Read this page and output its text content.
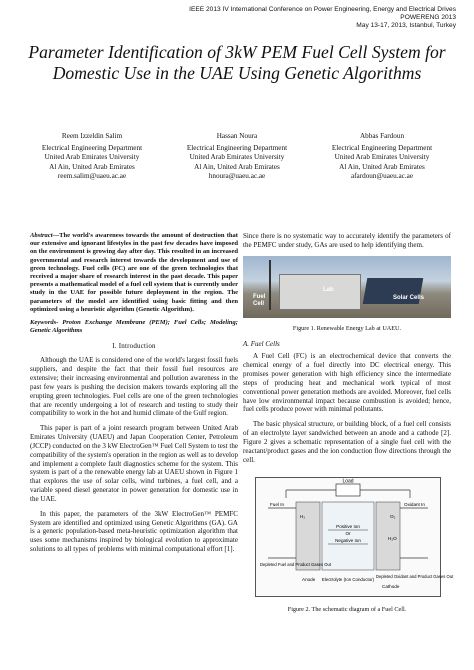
IEEE 2013 IV International Conference on Power Engineering, Energy and Electrical Drives
POWERENG 2013
May 13-17, 2013, Istanbul, Turkey
Parameter Identification of 3kW PEM Fuel Cell System for Domestic Use in the UAE Using Genetic Algorithms
Reem Izzeldin Salim
Electrical Engineering Department
United Arab Emirates University
Al Ain, United Arab Emirates
reem.salim@uaeu.ac.ae
Hassan Noura
Electrical Engineering Department
United Arab Emirates University
Al Ain, United Arab Emirates
hnoura@uaeu.ac.ae
Abbas Fardoun
Electrical Engineering Department
United Arab Emirates University
Al Ain, United Arab Emirates
afardoun@uaeu.ac.ae
Abstract—The world's awareness towards the amount of destruction that our extensive and ignorant lifestyles in the past few decades have imposed on the environment is growing day after day. This resulted in an increased governmental and research interest towards the development and use of green technology. Fuel cells (FC) are one of the green technologies that received a major share of research interest in the past decade. This paper presents a mathematical model of a fuel cell system that is currently under study in the UAE for possible future deployment in the region. The parameters of the model are identified using basic fitting and then optimized using a heuristic algorithm (Genetic Algorithm).
Keywords- Proton Exchange Membrane (PEM); Fuel Cells; Modeling; Genetic Algorithms
I. Introduction

Although the UAE is considered one of the world's largest fossil fuels suppliers, and despite the fact that their fossil fuel resources are extensive; their increasing environmental and pollution awareness in the past few years is pushing the decision makers towards exploring all the erupting green technologies. Fuel cells are one of the green technologies that are recently undergoing a lot of research and testing to study their compatibility to work in the hot and humid climate of the Gulf region.

This paper is part of a joint research program between United Arab Emirates University (UAEU) and Japan Cooperation Center, Petroleum (JCCP) conducted on the 3 kW ElectroGen™ Fuel Cell System to test the compatibility of the system's operation in the region as well as to develop and implement a complete fault diagnostics scheme for the system. This system is part of a the renewable energy lab at UAEU shown in Figure 1 that explores the use of solar cells, wind turbines, a fuel cell, and a variable speed diesel generator in power generation for domestic use in the UAE.

In this paper, the parameters of the 3kW ElectroGen™ PEMFC System are identified and optimized using Genetic Algorithms (GA). GA is a generic population-based meta-heuristic optimization algorithm that uses some mechanisms inspired by biological evolution to approximate solutions to all types of problems with minimal computational effort [1].

Since there is no systematic way to accurately identify the parameters of the PEMFC under study, GAs are used to help identifying them.

Lab
Fuel Cell
Solar Cells
Figure 1. Renewable Energy Lab at UAEU.
A. Fuel Cells

A Fuel Cell (FC) is an electrochemical device that converts the chemical energy of a fuel directly into DC electrical energy. This promises power generation with high efficiency since the intermediate steps of producing heat and mechanical work typical of most conventional power generation methods are avoided. Moreover, fuel cells have low environmental impact because combustion is avoided; hence, fuel cells produce power with minimal pollutants.

The basic physical structure, or building block, of a fuel cell consists of an electrolyte layer sandwiched between an anode and a cathode [2]. Figure 2 gives a schematic representation of a single fuel cell with the reactant/product gases and the ion conduction flow directions through the cell.

Load
Fuel In	Oxidant In
Positive Ion
Or
Negative Ion
H₂	O₂
H₂O
Depleted Fuel and Product Gases Out
Depleted Oxidant and Product Gases Out
Anode Electrolyte (Ion Conductor)
Cathode
Figure 2. The schematic diagram of a Fuel Cell.
